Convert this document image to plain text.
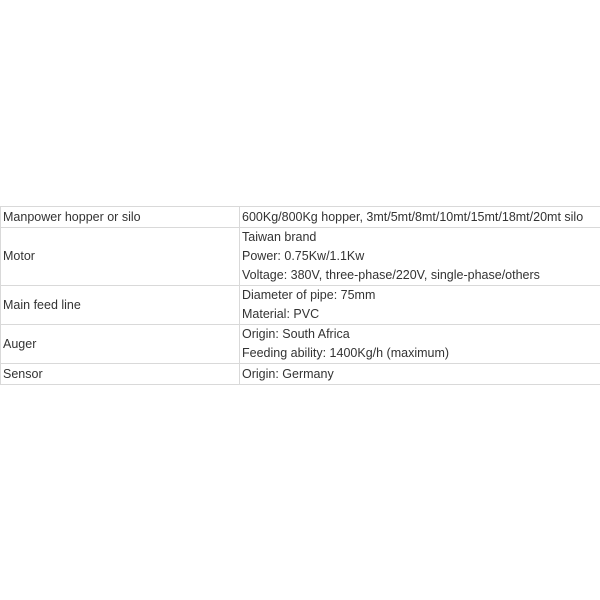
Manpower hopper or silo	600Kg/800Kg hopper, 3mt/5mt/8mt/10mt/15mt/18mt/20mt silo

Motor	Taiwan brand
Power: 0.75Kw/1.1Kw
Voltage: 380V, three-phase/220V, single-phase/others

Main feed line	Diameter of pipe: 75mm
Material: PVC

Auger	Origin: South Africa
Feeding ability: 1400Kg/h (maximum)

Sensor	Origin: Germany
